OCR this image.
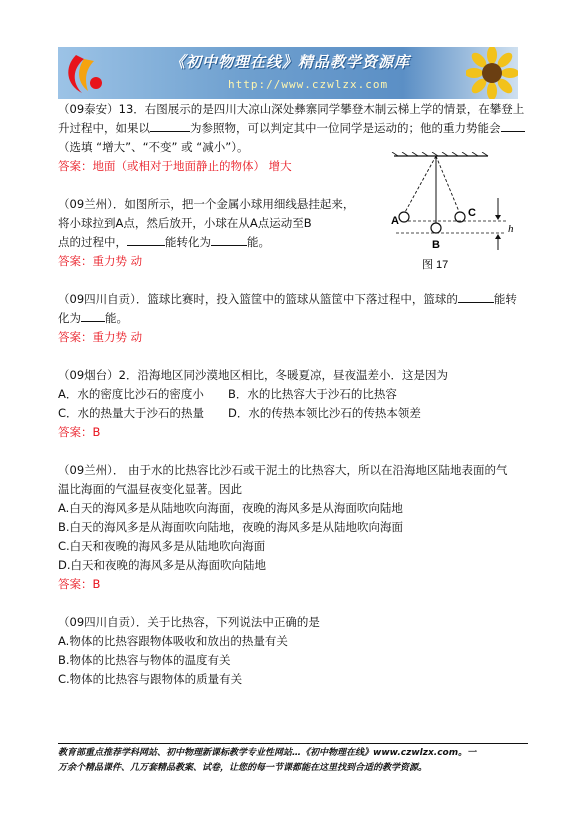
《初中物理在线》精品教学资源库
http://www.czwlzx.com

（09泰安）13．右图展示的是四川大凉山深处彝寨同学攀登木制云梯上学的情景，在攀登上
升过程中，如果以	为参照物，可以判定其中一位同学是运动的；他的重力势能会
（选填 “增大”、“不变” 或 “减小”）。

答案：地面（或相对于地面静止的物体） 增大

（09兰州）．如图所示，把一个金属小球用细线悬挂起来，
将小球拉到A点，然后放开，小球在从A点运动至B
点的过程中，	能转化为	能。

答案：重力势 动

（09四川自贡）．篮球比赛时，投入篮筐中的篮球从篮筐中下落过程中，篮球的	能转
化为 能。

答案：重力势 动

（09烟台）2．沿海地区同沙漠地区相比，冬暖夏凉，昼夜温差小．这是因为

A．水的密度比沙石的密度小 B．水的比热容大于沙石的比热容

C．水的热量大于沙石的热量 D．水的传热本领比沙石的传热本领差

答案：B

（09兰州）． 由于水的比热容比沙石或干泥土的比热容大，所以在沿海地区陆地表面的气
温比海面的气温昼夜变化显著。因此

A.白天的海风多是从陆地吹向海面，夜晚的海风多是从海面吹向陆地

B.白天的海风多是从海面吹向陆地，夜晚的海风多是从陆地吹向海面

C.白天和夜晚的海风多是从陆地吹向海面

D.白天和夜晚的海风多是从海面吹向陆地

答案：B

（09四川自贡）．关于比热容，下列说法中正确的是

A.物体的比热容跟物体吸收和放出的热量有关

B.物体的比热容与物体的温度有关

C.物体的比热容与跟物体的质量有关

A
B
C
h
图 17
教育部重点推荐学科网站、初中物理新课标教学专业性网站…《初中物理在线》www.czwlzx.com。一
万余个精品课件、几万套精品教案、试卷，让您的每一节课都能在这里找到合适的教学资源。
